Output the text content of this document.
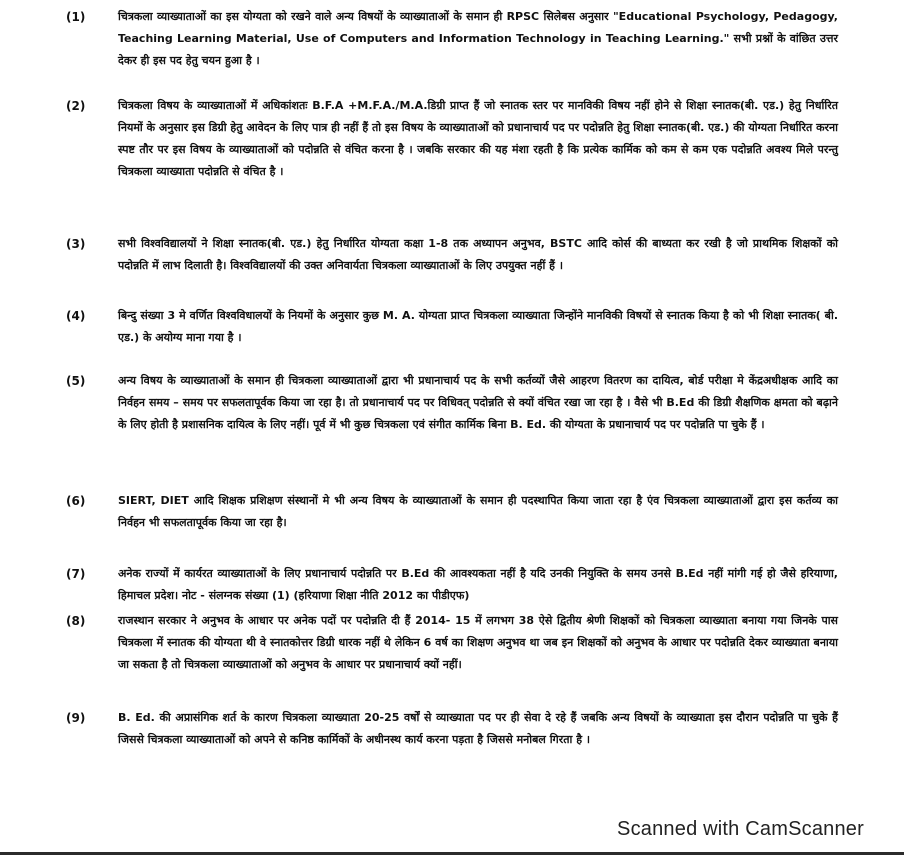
(1)	चित्रकला व्याख्याताओं का इस योग्यता को रखने वाले अन्य विषयों के व्याख्याताओं के समान ही RPSC सिलेबस अनुसार "Educational Psychology, Pedagogy, Teaching Learning Material, Use of Computers and Information Technology in Teaching Learning." सभी प्रश्नों के वांछित उत्तर देकर ही इस पद हेतु चयन हुआ है ।
(2)	चित्रकला विषय के व्याख्याताओं में अधिकांशतः B.F.A +M.F.A./M.A.डिग्री प्राप्त हैं जो स्नातक स्तर पर मानविकी विषय नहीं होने से शिक्षा स्नातक(बी. एड.) हेतु निर्धारित नियमों के अनुसार इस डिग्री हेतु आवेदन के लिए पात्र ही नहीं हैं तो इस विषय के व्याख्याताओं को प्रधानाचार्य पद पर पदोन्नति हेतु शिक्षा स्नातक(बी. एड.) की योग्यता निर्धारित करना स्पष्ट तौर पर इस विषय के व्याख्याताओं को पदोन्नति से वंचित करना है । जबकि सरकार की यह मंशा रहती है कि प्रत्येक कार्मिक को कम से कम एक पदोन्नति अवश्य मिले परन्तु चित्रकला व्याख्याता पदोन्नति से वंचित है ।
(3)	सभी विश्वविद्यालयों ने शिक्षा स्नातक(बी. एड.) हेतु निर्धारित योग्यता कक्षा 1-8 तक अध्यापन अनुभव, BSTC आदि कोर्स की बाध्यता कर रखी है जो प्राथमिक शिक्षकों को पदोन्नति में लाभ दिलाती है। विश्वविद्यालयों की उक्त अनिवार्यता चित्रकला व्याख्याताओं के लिए उपयुक्त नहीं हैं ।
(4)	बिन्दु संख्या 3 मे वर्णित विश्वविधालयों के नियमों के अनुसार कुछ M. A. योग्यता प्राप्त चित्रकला व्याख्याता जिन्होंने मानविकी विषयों से स्नातक किया है को भी शिक्षा स्नातक( बी. एड.) के अयोग्य माना गया है ।
(5)	अन्य विषय के व्याख्याताओं के समान ही चित्रकला व्याख्याताओं द्वारा भी प्रधानाचार्य पद के सभी कर्तव्यों जैसे आहरण वितरण का दायित्व, बोर्ड परीक्षा मे केंद्रअधीक्षक आदि का निर्वहन समय – समय पर सफलतापूर्वक किया जा रहा है। तो प्रधानाचार्य पद पर विधिवत् पदोन्नति से क्यों वंचित रखा जा रहा है । वैसे भी B.Ed की डिग्री शैक्षणिक क्षमता को बढ़ाने के लिए होती है प्रशासनिक दायित्व के लिए नहीं। पूर्व में भी कुछ चित्रकला एवं संगीत कार्मिक बिना B. Ed. की योग्यता के प्रधानाचार्य पद पर पदोन्नति पा चुके हैं ।
(6)	SIERT, DIET आदि शिक्षक प्रशिक्षण संस्थानों मे भी अन्य विषय के व्याख्याताओं के समान ही पदस्थापित किया जाता रहा है एंव चित्रकला व्याख्याताओं द्वारा इस कर्तव्य का निर्वहन भी सफलतापूर्वक किया जा रहा है।
(7)	अनेक राज्यों में कार्यरत व्याख्याताओं के लिए प्रधानाचार्य पदोन्नति पर B.Ed की आवश्यकता नहीं है यदि उनकी नियुक्ति के समय उनसे B.Ed नहीं मांगी गई हो जैसे हरियाणा, हिमाचल प्रदेश। नोट - संलग्नक संख्या (1) (हरियाणा शिक्षा नीति 2012 का पीडीएफ)
(8)	राजस्थान सरकार ने अनुभव के आधार पर अनेक पदों पर पदोन्नति दी हैं 2014- 15 में लगभग 38 ऐसे द्वितीय श्रेणी शिक्षकों को चित्रकला व्याख्याता बनाया गया जिनके पास चित्रकला में स्नातक की योग्यता थी वे स्नातकोत्तर डिग्री धारक नहीं थे लेकिन 6 वर्ष का शिक्षण अनुभव था जब इन शिक्षकों को अनुभव के आधार पर पदोन्नति देकर व्याख्याता बनाया जा सकता है तो चित्रकला व्याख्याताओं को अनुभव के आधार पर प्रधानाचार्य क्यों नहीं।
(9)	B. Ed. की अप्रासंगिक शर्त के कारण चित्रकला व्याख्याता 20-25 वर्षों से व्याख्याता पद पर ही सेवा दे रहे हैं जबकि अन्य विषयों के व्याख्याता इस दौरान पदोन्नति पा चुके हैं जिससे चित्रकला व्याख्याताओं को अपने से कनिष्ठ कार्मिकों के अधीनस्थ कार्य करना पड़ता है जिससे मनोबल गिरता है ।
Scanned with CamScanner
